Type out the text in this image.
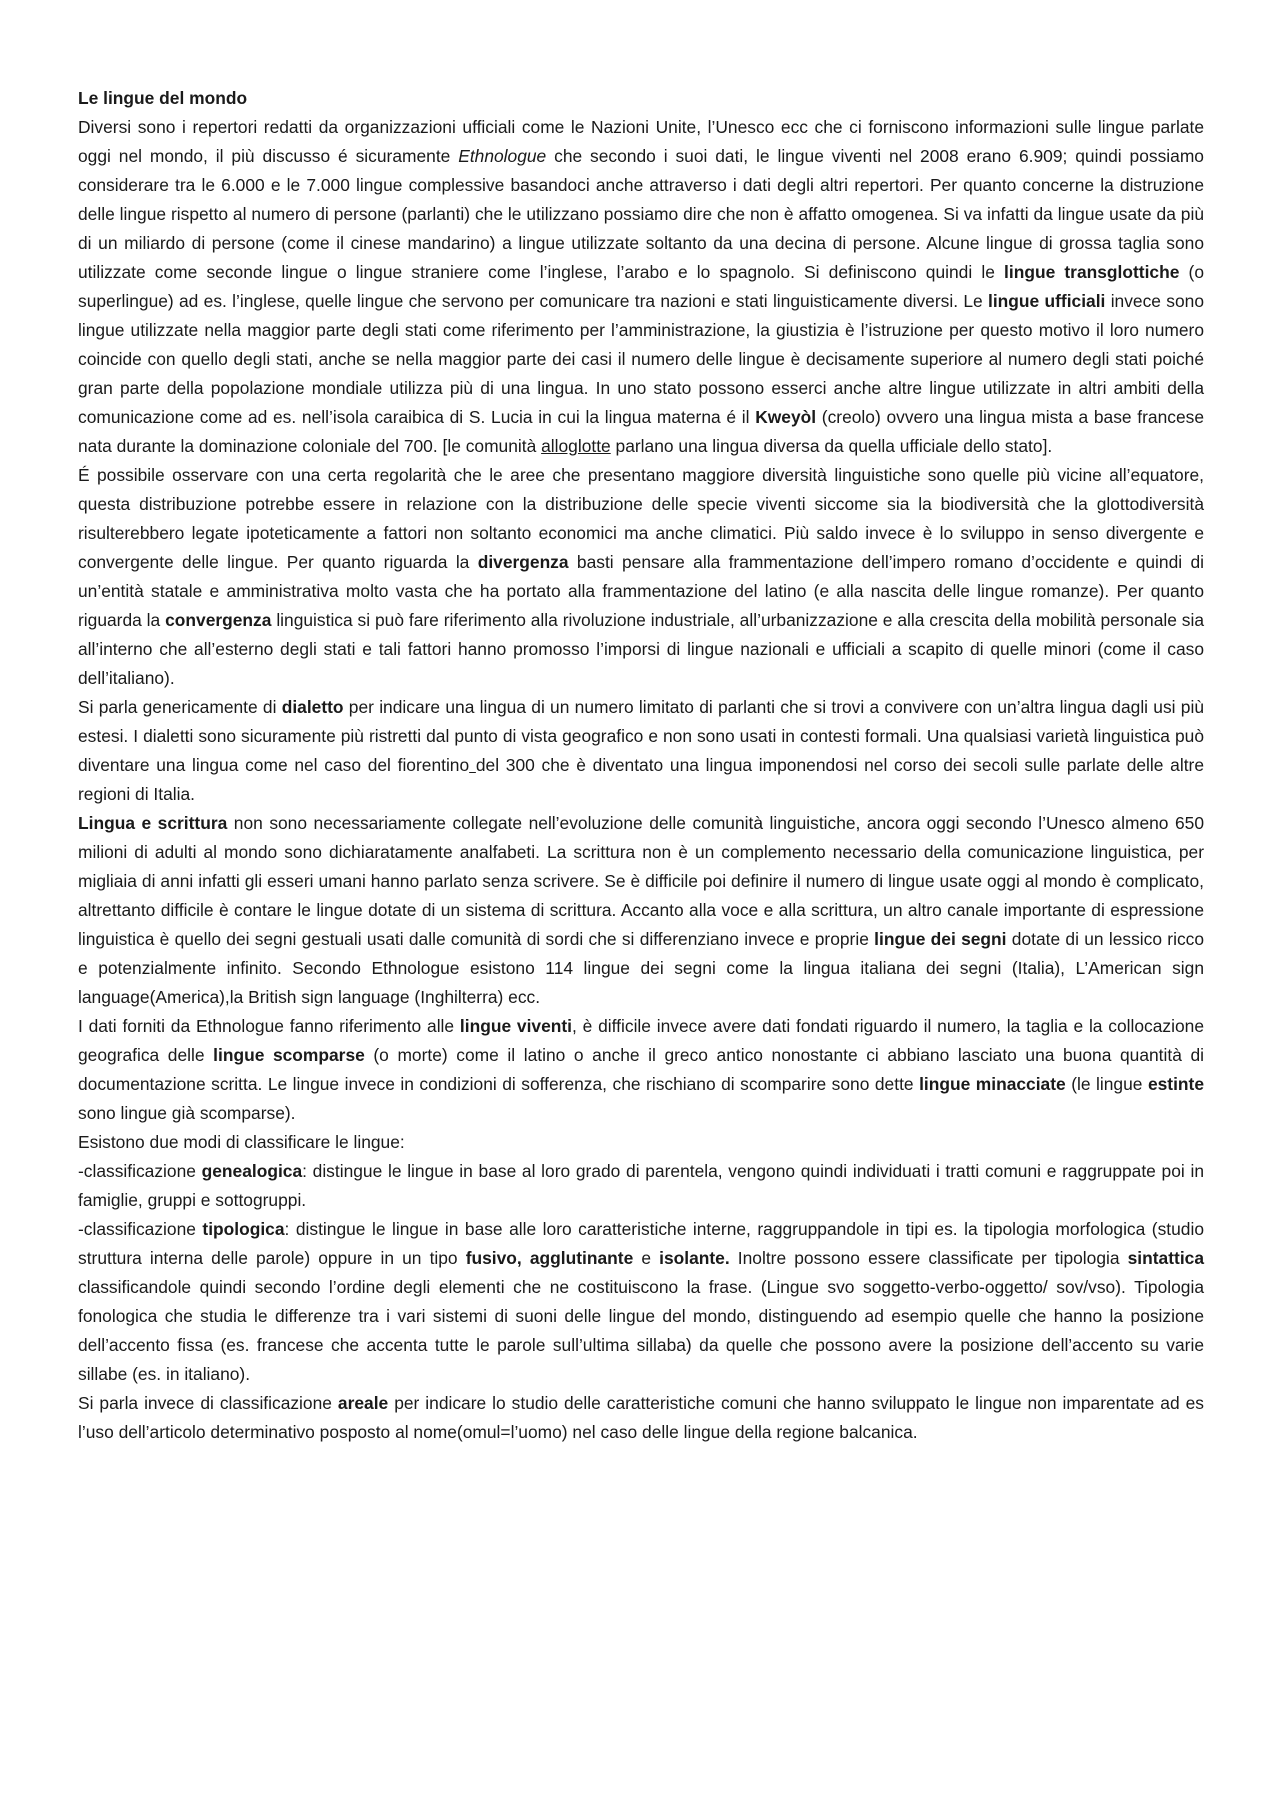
Le lingue del mondo

Diversi sono i repertori redatti da organizzazioni ufficiali come le Nazioni Unite, l’Unesco ecc che ci forniscono informazioni sulle lingue parlate oggi nel mondo, il più discusso é sicuramente Ethnologue che secondo i suoi dati, le lingue viventi nel 2008 erano 6.909; quindi possiamo considerare tra le 6.000 e le 7.000 lingue complessive basandoci anche attraverso i dati degli altri repertori. Per quanto concerne la distruzione delle lingue rispetto al numero di persone (parlanti) che le utilizzano possiamo dire che non è affatto omogenea. Si va infatti da lingue usate da più di un miliardo di persone (come il cinese mandarino) a lingue utilizzate soltanto da una decina di persone. Alcune lingue di grossa taglia sono utilizzate come seconde lingue o lingue straniere come l’inglese, l’arabo e lo spagnolo. Si definiscono quindi le lingue transglottiche (o superlingue) ad es. l’inglese, quelle lingue che servono per comunicare tra nazioni e stati linguisticamente diversi. Le lingue ufficiali invece sono lingue utilizzate nella maggior parte degli stati come riferimento per l’amministrazione, la giustizia è l’istruzione per questo motivo il loro numero coincide con quello degli stati, anche se nella maggior parte dei casi il numero delle lingue è decisamente superiore al numero degli stati poiché gran parte della popolazione mondiale utilizza più di una lingua. In uno stato possono esserci anche altre lingue utilizzate in altri ambiti della comunicazione come ad es. nell’isola caraibica di S. Lucia in cui la lingua materna é il Kweyòl (creolo) ovvero una lingua mista a base francese nata durante la dominazione coloniale del 700. [le comunità alloglotte parlano una lingua diversa da quella ufficiale dello stato].

É possibile osservare con una certa regolarità che le aree che presentano maggiore diversità linguistiche sono quelle più vicine all’equatore, questa distribuzione potrebbe essere in relazione con la distribuzione delle specie viventi siccome sia la biodiversità che la glottodiversità risulterebbero legate ipoteticamente a fattori non soltanto economici ma anche climatici. Più saldo invece è lo sviluppo in senso divergente e convergente delle lingue. Per quanto riguarda la divergenza basti pensare alla frammentazione dell’impero romano d’occidente e quindi di un’entità statale e amministrativa molto vasta che ha portato alla frammentazione del latino (e alla nascita delle lingue romanze). Per quanto riguarda la convergenza linguistica si può fare riferimento alla rivoluzione industriale, all’urbanizzazione e alla crescita della mobilità personale sia all’interno che all’esterno degli stati e tali fattori hanno promosso l’imporsi di lingue nazionali e ufficiali a scapito di quelle minori (come il caso dell’italiano).

Si parla genericamente di dialetto per indicare una lingua di un numero limitato di parlanti che si trovi a convivere con un’altra lingua dagli usi più estesi. I dialetti sono sicuramente più ristretti dal punto di vista geografico e non sono usati in contesti formali. Una qualsiasi varietà linguistica può diventare una lingua come nel caso del fiorentino del 300 che è diventato una lingua imponendosi nel corso dei secoli sulle parlate delle altre regioni di Italia.

Lingua e scrittura non sono necessariamente collegate nell’evoluzione delle comunità linguistiche, ancora oggi secondo l’Unesco almeno 650 milioni di adulti al mondo sono dichiaratamente analfabeti. La scrittura non è un complemento necessario della comunicazione linguistica, per migliaia di anni infatti gli esseri umani hanno parlato senza scrivere. Se è difficile poi definire il numero di lingue usate oggi al mondo è complicato, altrettanto difficile è contare le lingue dotate di un sistema di scrittura. Accanto alla voce e alla scrittura, un altro canale importante di espressione linguistica è quello dei segni gestuali usati dalle comunità di sordi che si differenziano invece e proprie lingue dei segni dotate di un lessico ricco e potenzialmente infinito. Secondo Ethnologue esistono 114 lingue dei segni come la lingua italiana dei segni (Italia), L’American sign language(America),la British sign language (Inghilterra) ecc.

I dati forniti da Ethnologue fanno riferimento alle lingue viventi, è difficile invece avere dati fondati riguardo il numero, la taglia e la collocazione geografica delle lingue scomparse (o morte) come il latino o anche il greco antico nonostante ci abbiano lasciato una buona quantità di documentazione scritta. Le lingue invece in condizioni di sofferenza, che rischiano di scomparire sono dette lingue minacciate (le lingue estinte sono lingue già scomparse).

Esistono due modi di classificare le lingue:

-classificazione genealogica: distingue le lingue in base al loro grado di parentela, vengono quindi individuati i tratti comuni e raggruppate poi in famiglie, gruppi e sottogruppi.

-classificazione tipologica: distingue le lingue in base alle loro caratteristiche interne, raggruppandole in tipi es. la tipologia morfologica (studio struttura interna delle parole) oppure in un tipo fusivo, agglutinante e isolante. Inoltre possono essere classificate per tipologia sintattica classificandole quindi secondo l’ordine degli elementi che ne costituiscono la frase. (Lingue svo soggetto-verbo-oggetto/ sov/vso). Tipologia fonologica che studia le differenze tra i vari sistemi di suoni delle lingue del mondo, distinguendo ad esempio quelle che hanno la posizione dell’accento fissa (es. francese che accenta tutte le parole sull’ultima sillaba) da quelle che possono avere la posizione dell’accento su varie sillabe (es. in italiano).

Si parla invece di classificazione areale per indicare lo studio delle caratteristiche comuni che hanno sviluppato le lingue non imparentate ad es l’uso dell’articolo determinativo posposto al nome(omul=l’uomo) nel caso delle lingue della regione balcanica.
